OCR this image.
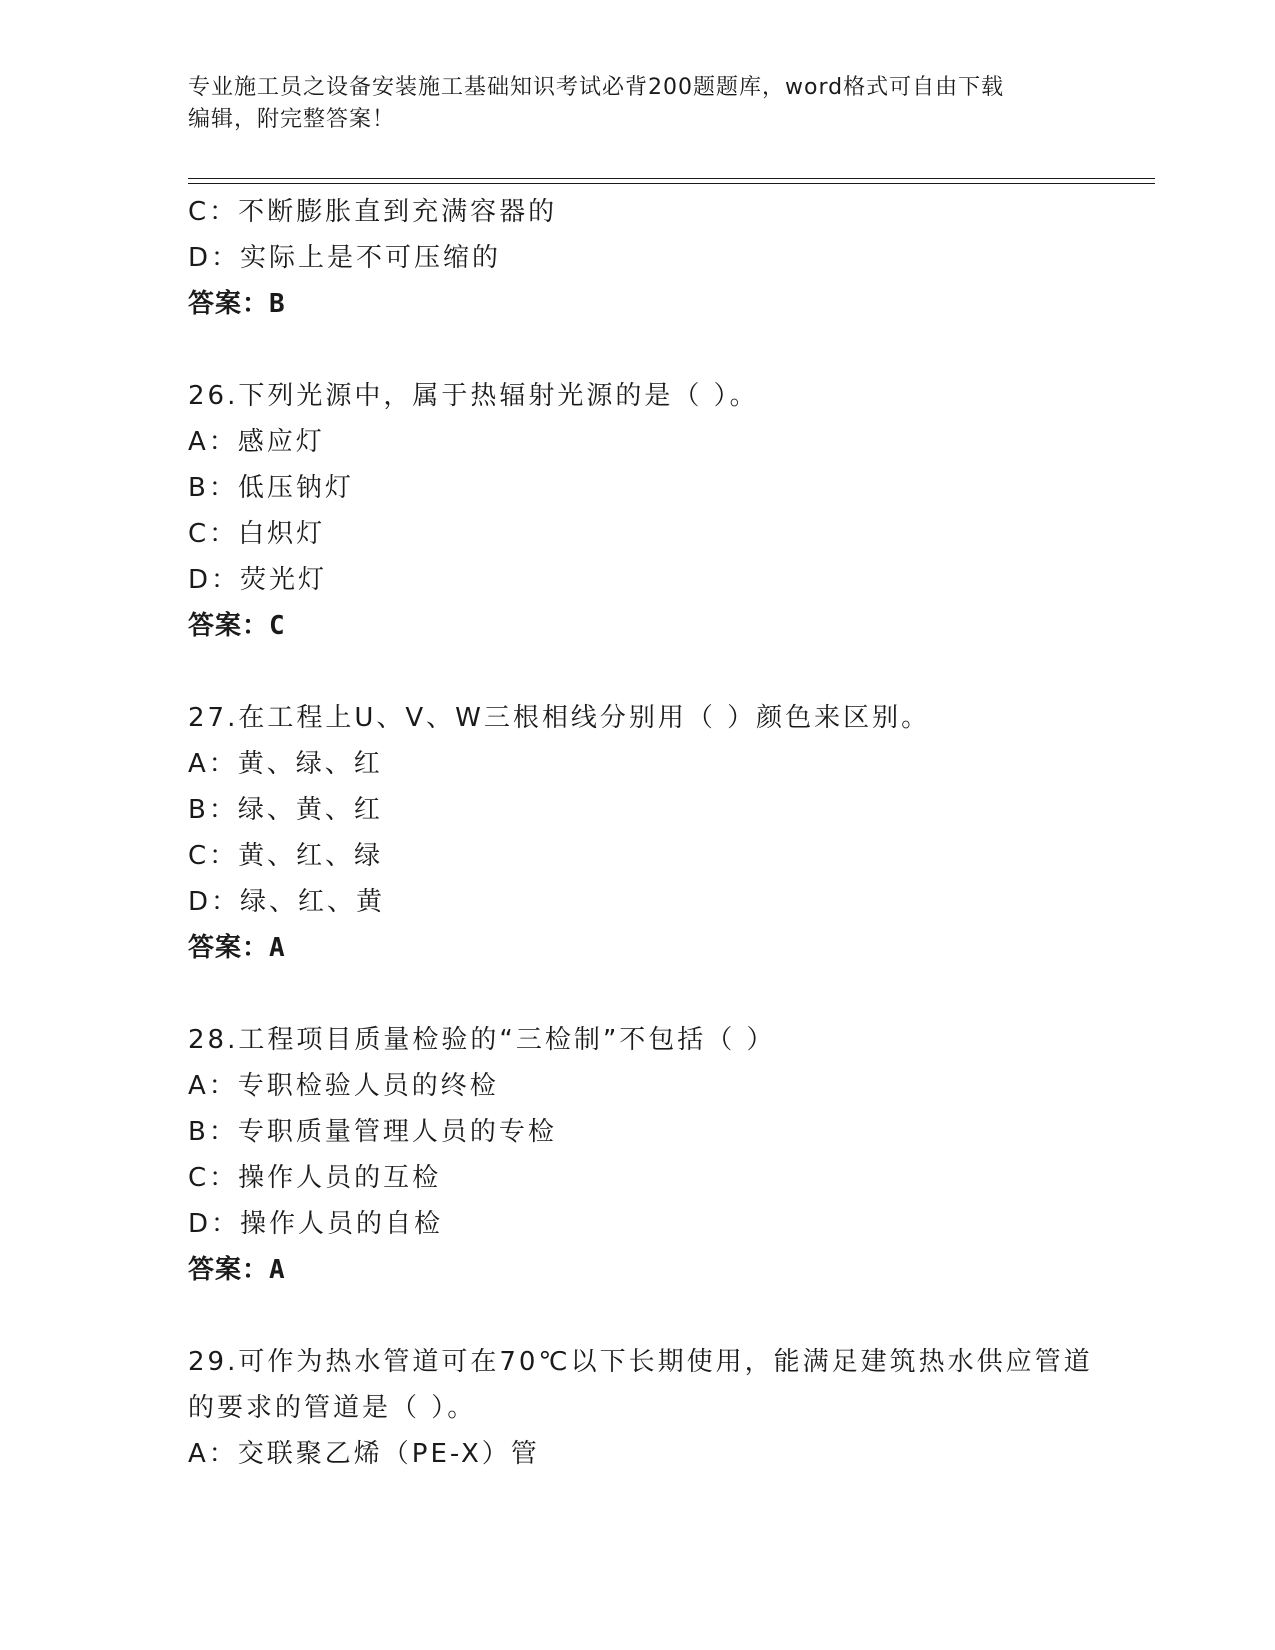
专业施工员之设备安装施工基础知识考试必背200题题库，word格式可自由下载
编辑，附完整答案！
C：不断膨胀直到充满容器的
D：实际上是不可压缩的
答案：B
26.下列光源中，属于热辐射光源的是（ ）。
A：感应灯
B：低压钠灯
C：白炽灯
D：荧光灯
答案：C
27.在工程上U、V、W三根相线分别用（ ）颜色来区别。
A：黄、绿、红
B：绿、黄、红
C：黄、红、绿
D：绿、红、黄
答案：A
28.工程项目质量检验的“三检制”不包括（ ）
A：专职检验人员的终检
B：专职质量管理人员的专检
C：操作人员的互检
D：操作人员的自检
答案：A
29.可作为热水管道可在70℃以下长期使用，能满足建筑热水供应管道
的要求的管道是（ ）。
A：交联聚乙烯（PE-X）管
